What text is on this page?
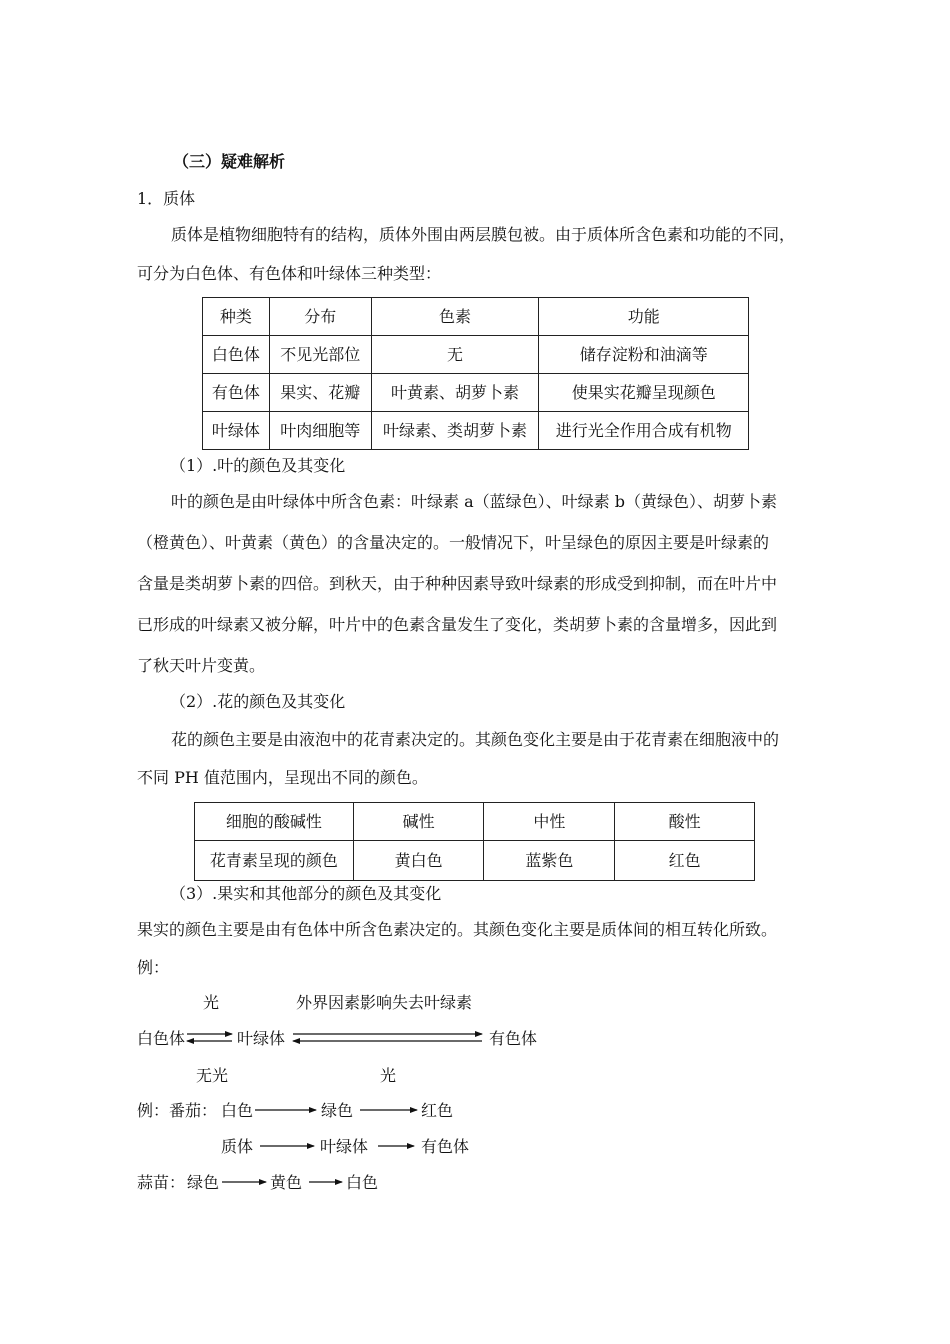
（三）疑难解析
1．质体
质体是植物细胞特有的结构，质体外围由两层膜包被。由于质体所含色素和功能的不同，
可分为白色体、有色体和叶绿体三种类型：
种类	分布	色素	功能
白色体	不见光部位	无	储存淀粉和油滴等
有色体	果实、花瓣	叶黄素、胡萝卜素	使果实花瓣呈现颜色
叶绿体	叶肉细胞等	叶绿素、类胡萝卜素	进行光全作用合成有机物
（1）.叶的颜色及其变化
叶的颜色是由叶绿体中所含色素：叶绿素 a（蓝绿色）、叶绿素 b（黄绿色）、胡萝卜素
（橙黄色）、叶黄素（黄色）的含量决定的。一般情况下，叶呈绿色的原因主要是叶绿素的
含量是类胡萝卜素的四倍。到秋天，由于种种因素导致叶绿素的形成受到抑制，而在叶片中
已形成的叶绿素又被分解，叶片中的色素含量发生了变化，类胡萝卜素的含量增多，因此到
了秋天叶片变黄。
（2）.花的颜色及其变化
花的颜色主要是由液泡中的花青素决定的。其颜色变化主要是由于花青素在细胞液中的
不同 PH 值范围内，呈现出不同的颜色。
细胞的酸碱性	碱性	中性	酸性
花青素呈现的颜色	黄白色	蓝紫色	红色
（3）.果实和其他部分的颜色及其变化
果实的颜色主要是由有色体中所含色素决定的。其颜色变化主要是质体间的相互转化所致。
例：
光	外界因素影响失去叶绿素
白色体	叶绿体	有色体
无光	光
例：番茄： 白色	绿色	红色
质体	叶绿体	有色体
蒜苗： 绿色	黄色	白色
